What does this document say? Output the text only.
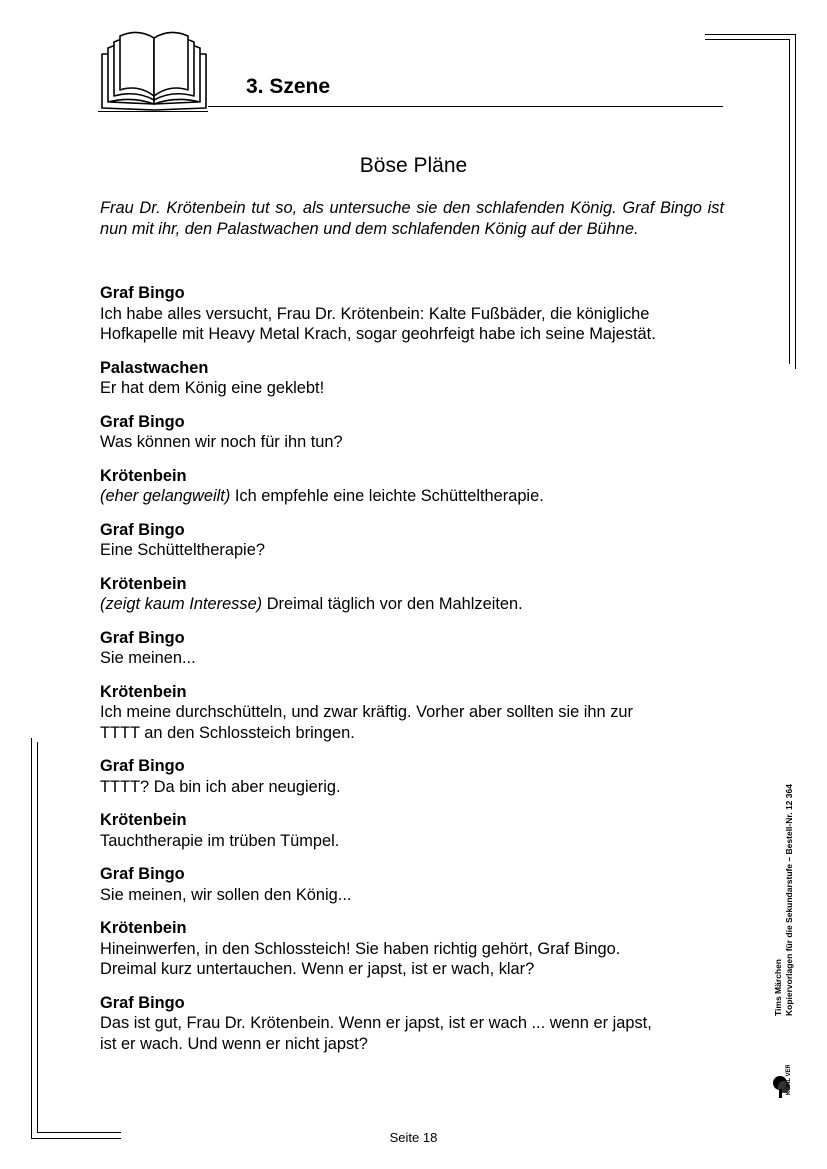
3. Szene
Böse Pläne
Frau Dr. Krötenbein tut so, als untersuche sie den schlafenden König. Graf Bingo ist nun mit ihr, den Palastwachen und dem schlafenden König auf der Bühne.
Graf Bingo
Ich habe alles versucht, Frau Dr. Krötenbein: Kalte Fußbäder, die königliche
Hofkapelle mit Heavy Metal Krach, sogar geohrfeigt habe ich seine Majestät.
Palastwachen
Er hat dem König eine geklebt!
Graf Bingo
Was können wir noch für ihn tun?
Krötenbein
(eher gelangweilt) Ich empfehle eine leichte Schütteltherapie.
Graf Bingo
Eine Schütteltherapie?
Krötenbein
(zeigt kaum Interesse) Dreimal täglich vor den Mahlzeiten.
Graf Bingo
Sie meinen...
Krötenbein
Ich meine durchschütteln, und zwar kräftig. Vorher aber sollten sie ihn zur
TTTT an den Schlossteich bringen.
Graf Bingo
TTTT? Da bin ich aber neugierig.
Krötenbein
Tauchtherapie im trüben Tümpel.
Graf Bingo
Sie meinen, wir sollen den König...
Krötenbein
Hineinwerfen, in den Schlossteich! Sie haben richtig gehört, Graf Bingo.
Dreimal kurz untertauchen. Wenn er japst, ist er wach, klar?
Graf Bingo
Das ist gut, Frau Dr. Krötenbein. Wenn er japst, ist er wach ... wenn er japst,
ist er wach. Und wenn er nicht japst?
Tims Märchen Kopiervorlagen für die Sekundarstufe – Bestell-Nr. 12 364
KOHL VERLAG
Seite 18
